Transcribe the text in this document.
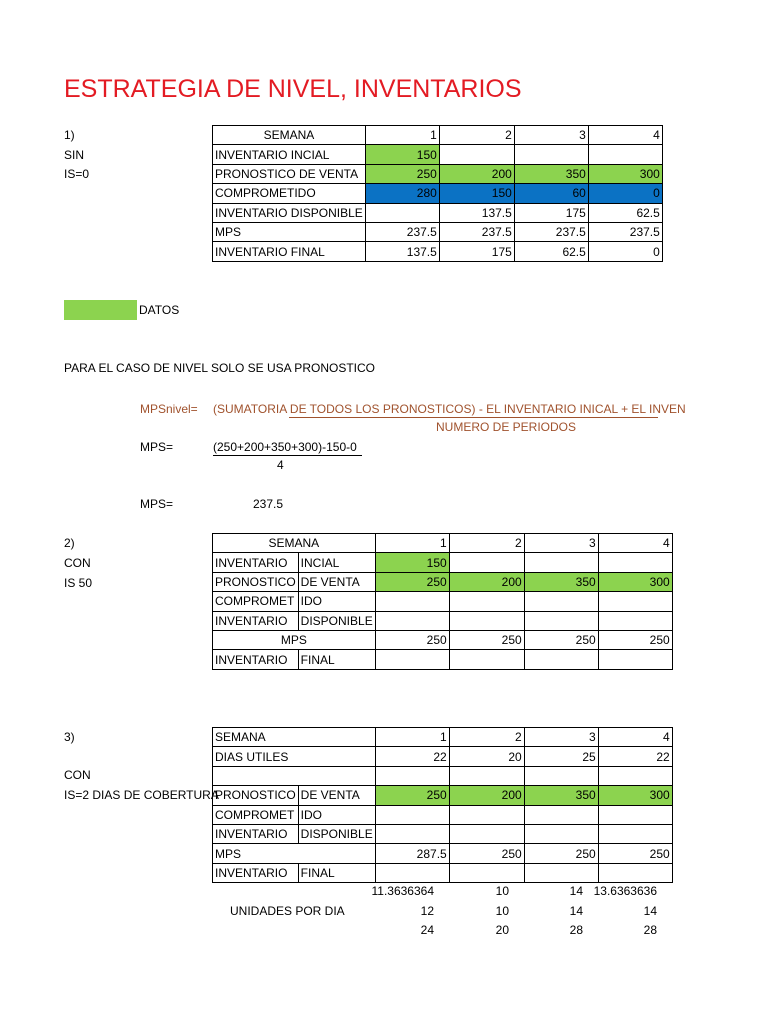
ESTRATEGIA DE NIVEL, INVENTARIOS
1)
SIN
IS=0
SEMANA	1	2	3	4
INVENTARIO INCIAL	150			
PRONOSTICO DE VENTA	250	200	350	300
COMPROMETIDO	280	150	60	0
INVENTARIO DISPONIBLE		137.5	175	62.5
MPS	237.5	237.5	237.5	237.5
INVENTARIO FINAL	137.5	175	62.5	0
DATOS
PARA EL CASO DE NIVEL SOLO SE USA PRONOSTICO
MPSnivel= (SUMATORIA DE TODOS LOS PRONOSTICOS) - EL INVENTARIO INICAL + EL INVEN
NUMERO DE PERIODOS
MPS=	(250+200+350+300)-150-0
4
MPS=	237.5
2)
CON
IS 50
SEMANA		1	2	3	4
INVENTARIO	INCIAL	150			
PRONOSTICO	DE VENTA	250	200	350	300
COMPROMET	IDO				
INVENTARIO	DISPONIBLE				
MPS		250	250	250	250
INVENTARIO	FINAL				
3)
CON
IS=2 DIAS DE COBERTURA
SEMANA		1	2	3	4
DIAS UTILES		22	20	25	22

PRONOSTICO	DE VENTA	250	200	350	300
COMPROMET	IDO				
INVENTARIO	DISPONIBLE				
MPS		287.5	250	250	250
INVENTARIO	FINAL				
11.3636364	10	14 13.6363636
UNIDADES POR DIA	12	10	14	14
24	20	28	28
